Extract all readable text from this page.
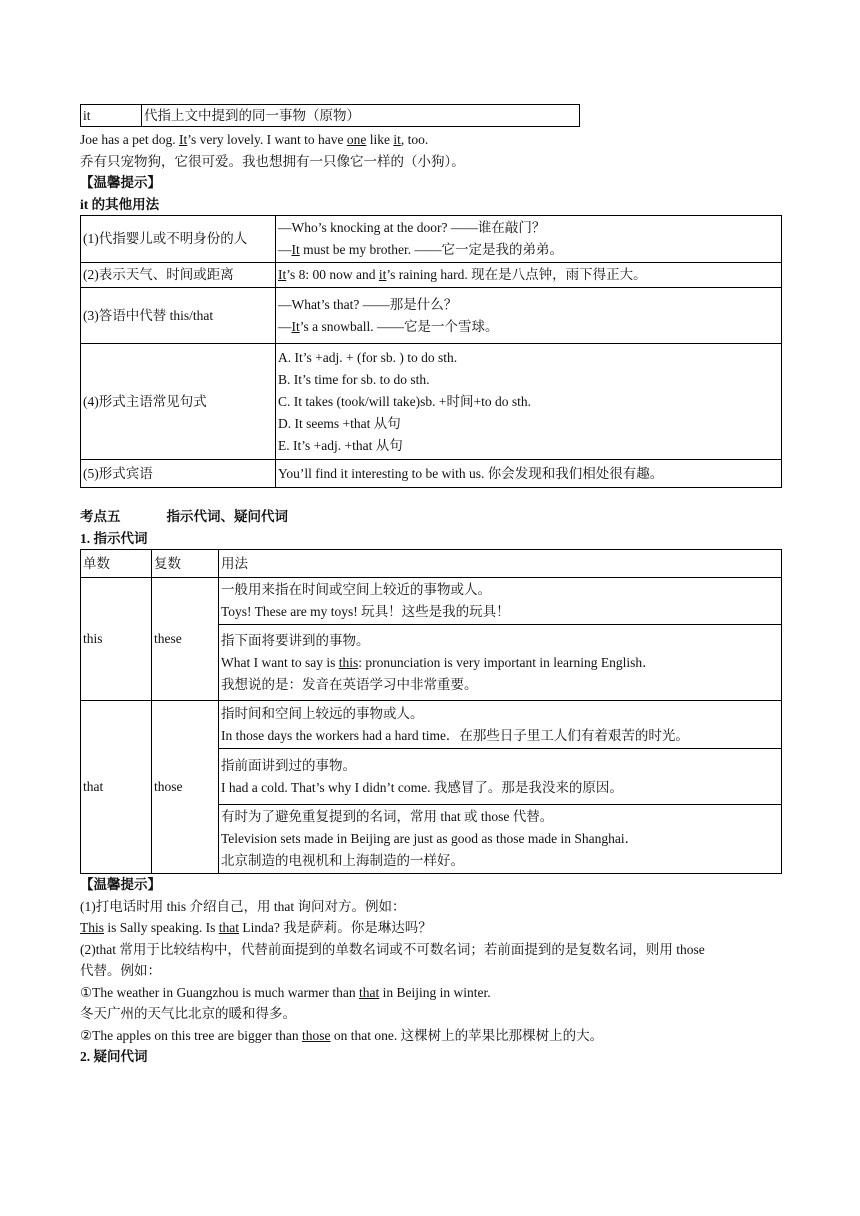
it	代指上文中提到的同一事物（原物）
Joe has a pet dog. It’s very lovely. I want to have one like it, too.
乔有只宠物狗，它很可爱。我也想拥有一只像它一样的（小狗）。
【温馨提示】
it 的其他用法
(1)代指婴儿或不明身份的人	—Who’s knocking at the door? ——谁在敲门？
—It must be my brother. ——它一定是我的弟弟。

(2)表示天气、时间或距离	It’s 8: 00 now and it’s raining hard. 现在是八点钟，雨下得正大。
(3)答语中代替 this/that	—What’s that? ——那是什么？
—It’s a snowball. ——它是一个雪球。

(4)形式主语常见句式	A. It’s +adj. + (for sb. ) to do sth.
B. It’s time for sb. to do sth.
C. It takes (took/will take)sb. +时间+to do sth.
D. It seems +that 从句
E. It’s +adj. +that 从句

(5)形式宾语	You’ll find it interesting to be with us. 你会发现和我们相处很有趣。
考点五	指示代词、疑问代词
1. 指示代词
单数	复数	用法
this	these	一般用来指在时间或空间上较近的事物或人。
Toys! These are my toys! 玩具！这些是我的玩具！

		指下面将要讲到的事物。
What I want to say is this: pronunciation is very important in learning English．
我想说的是：发音在英语学习中非常重要。

that	those	指时间和空间上较远的事物或人。
In those days the workers had a hard time．在那些日子里工人们有着艰苦的时光。

		指前面讲到过的事物。
I had a cold. That’s why I didn’t come. 我感冒了。那是我没来的原因。

		有时为了避免重复提到的名词，常用 that 或 those 代替。
Television sets made in Beijing are just as good as those made in Shanghai．
北京制造的电视机和上海制造的一样好。
【温馨提示】
(1)打电话时用 this 介绍自己，用 that 询问对方。例如：
This is Sally speaking. Is that Linda? 我是萨莉。你是琳达吗？
(2)that 常用于比较结构中，代替前面提到的单数名词或不可数名词；若前面提到的是复数名词，则用 those
代替。例如：
①The weather in Guangzhou is much warmer than that in Beijing in winter.
冬天广州的天气比北京的暖和得多。
②The apples on this tree are bigger than those on that one. 这棵树上的苹果比那棵树上的大。
2. 疑问代词
